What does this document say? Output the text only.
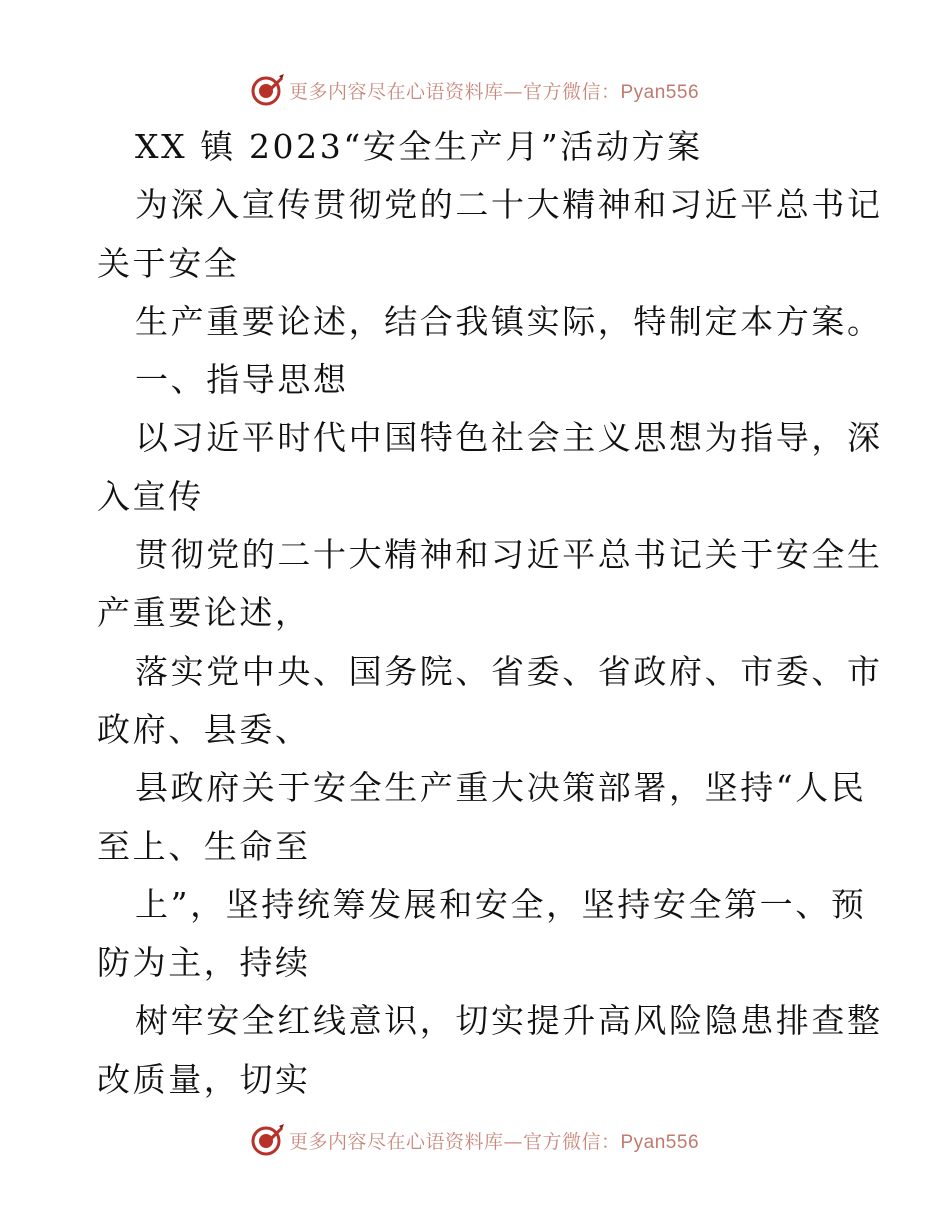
更多内容尽在心语资料库—官方微信：Pyan556
XX 镇 2023“安全生产月”活动方案
为深入宣传贯彻党的二十大精神和习近平总书记
关于安全
生产重要论述，结合我镇实际，特制定本方案。
一、指导思想
以习近平时代中国特色社会主义思想为指导，深
入宣传
贯彻党的二十大精神和习近平总书记关于安全生
产重要论述，
落实党中央、国务院、省委、省政府、市委、市
政府、县委、
县政府关于安全生产重大决策部署，坚持“人民
至上、生命至
上”，坚持统筹发展和安全，坚持安全第一、预
防为主，持续
树牢安全红线意识，切实提升高风险隐患排查整
改质量，切实
更多内容尽在心语资料库—官方微信：Pyan556
